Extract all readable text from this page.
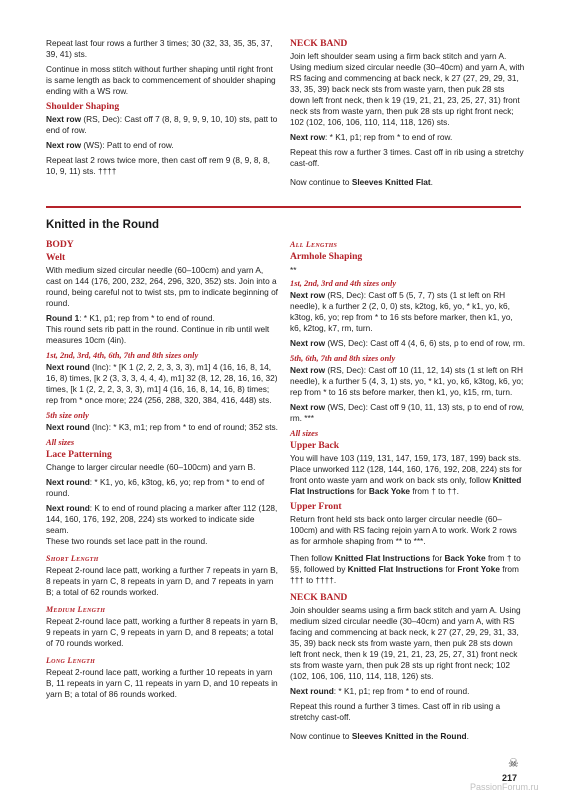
Repeat last four rows a further 3 times; 30 (32, 33, 35, 35, 37, 39, 41) sts.

Continue in moss stitch without further shaping until right front is same length as back to commencement of shoulder shaping ending with a WS row.

Shoulder Shaping

Next row (RS, Dec): Cast off 7 (8, 8, 9, 9, 9, 10, 10) sts, patt to end of row.

Next row (WS): Patt to end of row.

Repeat last 2 rows twice more, then cast off rem 9 (8, 9, 8, 8, 10, 9, 11) sts. ††††

NECK BAND

Join left shoulder seam using a firm back stitch and yarn A. Using medium sized circular needle (30–40cm) and yarn A, with RS facing and commencing at back neck, k 27 (27, 29, 29, 31, 33, 35, 39) back neck sts from waste yarn, then puk 28 sts down left front neck, then k 19 (19, 21, 21, 23, 25, 27, 31) front neck sts from waste yarn, then puk 28 sts up right front neck; 102 (102, 106, 106, 110, 114, 118, 126) sts.

Next row: * K1, p1; rep from * to end of row.

Repeat this row a further 3 times. Cast off in rib using a stretchy cast-off.

Now continue to Sleeves Knitted Flat.

Knitted in the Round
BODY
Welt

With medium sized circular needle (60–100cm) and yarn A, cast on 144 (176, 200, 232, 264, 296, 320, 352) sts. Join into a round, being careful not to twist sts, pm to indicate beginning of round.

Round 1: * K1, p1; rep from * to end of round.

This round sets rib patt in the round. Continue in rib until welt measures 10cm (4in).

1st, 2nd, 3rd, 4th, 6th, 7th and 8th sizes only

Next round (Inc): * [K 1 (2, 2, 2, 3, 3, 3), m1] 4 (16, 16, 8, 14, 16, 8) times, [k 2 (3, 3, 3, 4, 4, 4), m1] 32 (8, 12, 28, 16, 16, 32) times, [k 1 (2, 2, 2, 3, 3, 3), m1] 4 (16, 16, 8, 14, 16, 8) times; rep from * once more; 224 (256, 288, 320, 384, 416, 448) sts.

5th size only

Next round (Inc): * K3, m1; rep from * to end of round; 352 sts.

All sizes
Lace Patterning

Change to larger circular needle (60–100cm) and yarn B.

Next round: * K1, yo, k6, k3tog, k6, yo; rep from * to end of round.

Next round: K to end of round placing a marker after 112 (128, 144, 160, 176, 192, 208, 224) sts worked to indicate side seam.

These two rounds set lace patt in the round.

Short Length

Repeat 2-round lace patt, working a further 7 repeats in yarn B, 8 repeats in yarn C, 8 repeats in yarn D, and 7 repeats in yarn B; a total of 62 rounds worked.

Medium Length

Repeat 2-round lace patt, working a further 8 repeats in yarn B, 9 repeats in yarn C, 9 repeats in yarn D, and 8 repeats; a total of 70 rounds worked.

Long Length

Repeat 2-round lace patt, working a further 10 repeats in yarn B, 11 repeats in yarn C, 11 repeats in yarn D, and 10 repeats in yarn B; a total of 86 rounds worked.

All Lengths
Armhole Shaping

**

1st, 2nd, 3rd and 4th sizes only

Next row (RS, Dec): Cast off 5 (5, 7, 7) sts (1 st left on RH needle), k a further 2 (2, 0, 0) sts, k2tog, k6, yo, * k1, yo, k6, k3tog, k6, yo; rep from * to 16 sts before marker, then k1, yo, k6, k2tog, k7, rm, turn.

Next row (WS, Dec): Cast off 4 (4, 6, 6) sts, p to end of row, rm.

5th, 6th, 7th and 8th sizes only

Next row (RS, Dec): Cast off 10 (11, 12, 14) sts (1 st left on RH needle), k a further 5 (4, 3, 1) sts, yo, * k1, yo, k6, k3tog, k6, yo; rep from * to 16 sts before marker, then k1, yo, k15, rm, turn.

Next row (WS, Dec): Cast off 9 (10, 11, 13) sts, p to end of row, rm. ***

All sizes
Upper Back

You will have 103 (119, 131, 147, 159, 173, 187, 199) back sts. Place unworked 112 (128, 144, 160, 176, 192, 208, 224) sts for front onto waste yarn and work on back sts only, follow Knitted Flat Instructions for Back Yoke from † to ††.

Upper Front

Return front held sts back onto larger circular needle (60–100cm) and with RS facing rejoin yarn A to work. Work 2 rows as for armhole shaping from ** to ***.

Then follow Knitted Flat Instructions for Back Yoke from † to §§, followed by Knitted Flat Instructions for Front Yoke from ††† to ††††.

NECK BAND

Join shoulder seams using a firm back stitch and yarn A. Using medium sized circular needle (30–40cm) and yarn A, with RS facing and commencing at back neck, k 27 (27, 29, 29, 31, 33, 35, 39) back neck sts from waste yarn, then puk 28 sts down left front neck, then k 19 (19, 21, 21, 23, 25, 27, 31) front neck sts from waste yarn, then puk 28 sts up right front neck; 102 (102, 106, 106, 110, 114, 118, 126) sts.

Next round: * K1, p1; rep from * to end of round.

Repeat this round a further 3 times. Cast off in rib using a stretchy cast-off.

Now continue to Sleeves Knitted in the Round.

☠
217
PassionForum.ru
